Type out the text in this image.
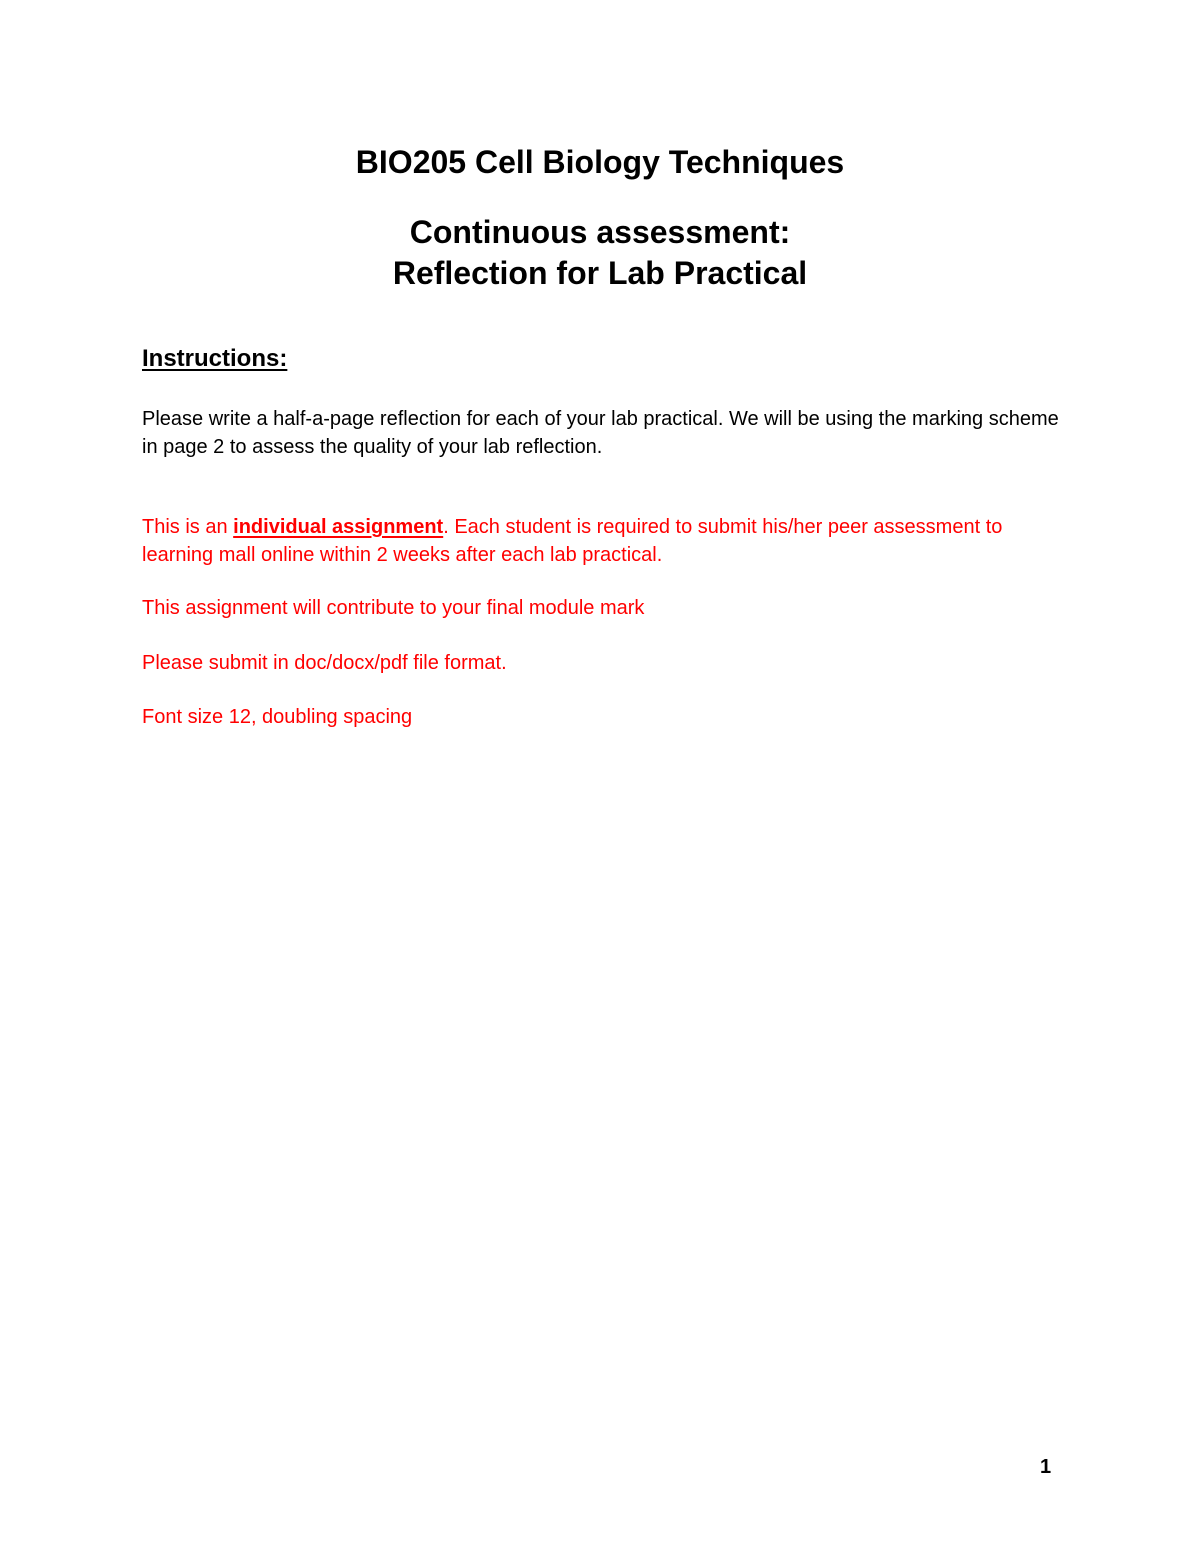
BIO205 Cell Biology Techniques
Continuous assessment:
Reflection for Lab Practical
Instructions:

Please write a half-a-page reflection for each of your lab practical. We will be using the marking scheme in page 2 to assess the quality of your lab reflection.

This is an individual assignment. Each student is required to submit his/her peer assessment to learning mall online within 2 weeks after each lab practical.

This assignment will contribute to your final module mark

Please submit in doc/docx/pdf file format.

Font size 12, doubling spacing

1
